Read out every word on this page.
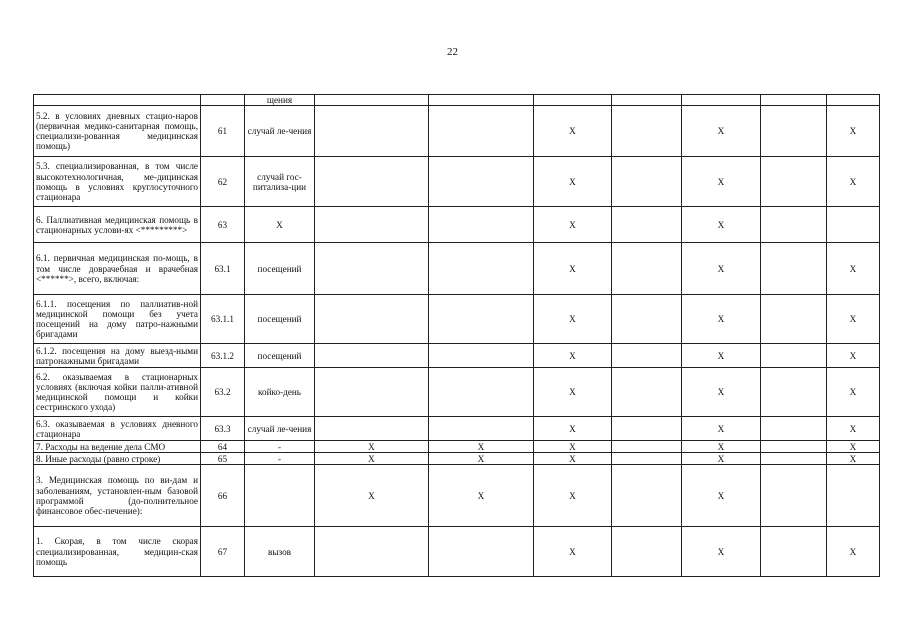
22
		щения								
5.2. в условиях дневных стацио-наров (первичная медико-санитарная помощь, специализи-рованная медицинская помощь)	61	случай ле-чения			X		X		X	
5.3. специализированная, в том числе высокотехнологичная, ме-дицинская помощь в условиях круглосуточного стационара	62	случай гос-питализа-ции			X		X		X	
6. Паллиативная медицинская помощь в стационарных услови-ях <*********>	63	X			X		X			
6.1. первичная медицинская по-мощь, в том числе доврачебная и врачебная <******>, всего, включая:	63.1	посещений			X		X		X	
6.1.1. посещения по паллиатив-ной медицинской помощи без учета посещений на дому патро-нажными бригадами	63.1.1	посещений			X		X		X	
6.1.2. посещения на дому выезд-ными патронажными бригадами	63.1.2	посещений			X		X		X	
6.2. оказываемая в стационарных условиях (включая койки палли-ативной медицинской помощи и койки сестринского ухода)	63.2	койко-день			X		X		X	
6.3. оказываемая в условиях дневного стационара	63.3	случай ле-чения			X		X		X	
7. Расходы на ведение дела СМО	64	-	X	X	X		X		X	
8. Иные расходы (равно строке)	65	-	X	X	X		X		X	
3. Медицинская помощь по ви-дам и заболеваниям, установлен-ным базовой программой (до-полнительное финансовое обес-печение):	66		X	X	X		X			
1. Скорая, в том числе скорая специализированная, медицин-ская помощь	67	вызов			X		X		X	
